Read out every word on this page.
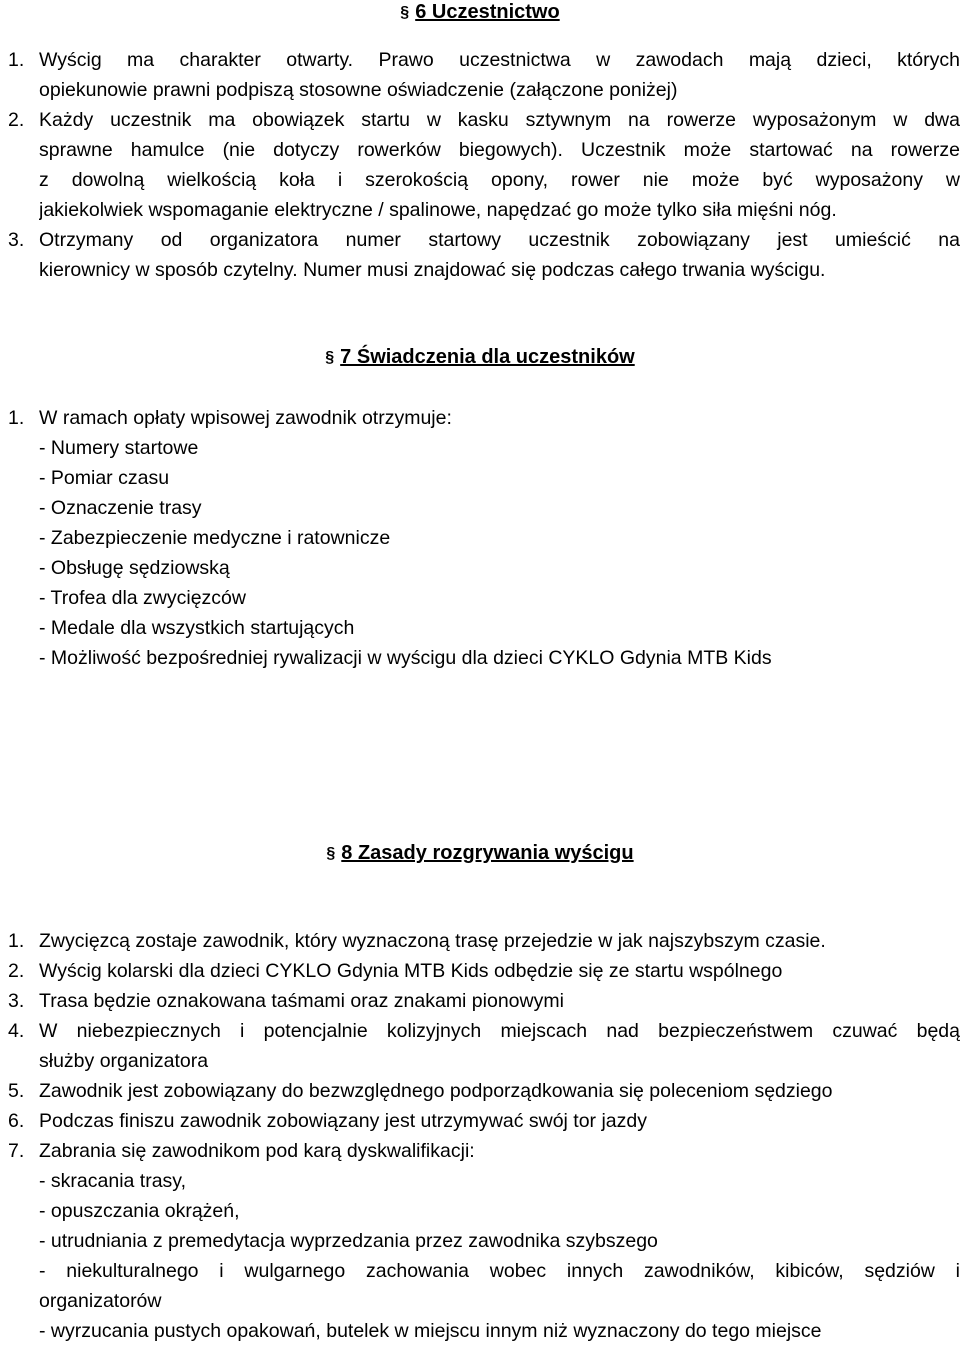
§ 6 Uczestnictwo
1. Wyścig ma charakter otwarty. Prawo uczestnictwa w zawodach mają dzieci, których
opiekunowie prawni podpiszą stosowne oświadczenie (załączone poniżej)
2. Każdy uczestnik ma obowiązek startu w kasku sztywnym na rowerze wyposażonym w dwa
sprawne hamulce (nie dotyczy rowerków biegowych). Uczestnik może startować na rowerze
z dowolną wielkością koła i szerokością opony, rower nie może być wyposażony w
jakiekolwiek wspomaganie elektryczne / spalinowe, napędzać go może tylko siła mięśni nóg.
3. Otrzymany od organizatora numer startowy uczestnik zobowiązany jest umieścić na
kierownicy w sposób czytelny. Numer musi znajdować się podczas całego trwania wyścigu.
§ 7 Świadczenia dla uczestników
1. W ramach opłaty wpisowej zawodnik otrzymuje:
- Numery startowe
- Pomiar czasu
- Oznaczenie trasy
- Zabezpieczenie medyczne i ratownicze
- Obsługę sędziowską
- Trofea dla zwycięzców
- Medale dla wszystkich startujących
- Możliwość bezpośredniej rywalizacji w wyścigu dla dzieci CYKLO Gdynia MTB Kids
§ 8 Zasady rozgrywania wyścigu
1. Zwycięzcą zostaje zawodnik, który wyznaczoną trasę przejedzie w jak najszybszym czasie.
2. Wyścig kolarski dla dzieci CYKLO Gdynia MTB Kids odbędzie się ze startu wspólnego
3. Trasa będzie oznakowana taśmami oraz znakami pionowymi
4. W niebezpiecznych i potencjalnie kolizyjnych miejscach nad bezpieczeństwem czuwać będą
służby organizatora
5. Zawodnik jest zobowiązany do bezwzględnego podporządkowania się poleceniom sędziego
6. Podczas finiszu zawodnik zobowiązany jest utrzymywać swój tor jazdy
7. Zabrania się zawodnikom pod karą dyskwalifikacji:
- skracania trasy,
- opuszczania okrążeń,
- utrudniania z premedytacja wyprzedzania przez zawodnika szybszego
- niekulturalnego i wulgarnego zachowania wobec innych zawodników, kibiców, sędziów i
organizatorów
- wyrzucania pustych opakowań, butelek w miejscu innym niż wyznaczony do tego miejsce
